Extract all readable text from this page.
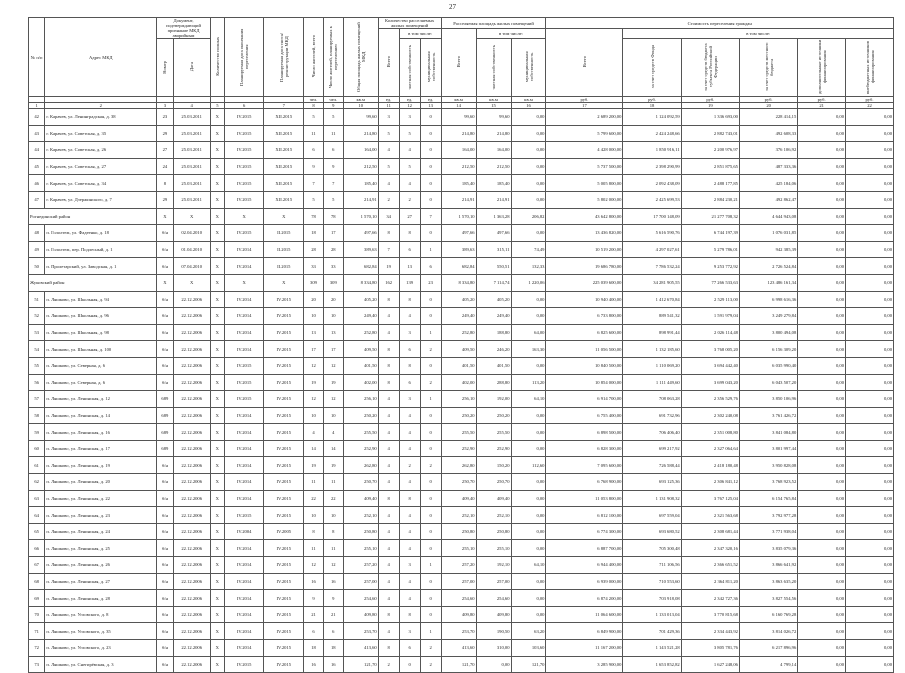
27
№ п/п	Адрес МКД	Документ, подтверждающий признание МКД аварийным		Количество полных	Планируемая дата окончания переселения	Планируемая дата сноса/ реконструкции МКД	Число жителей, всего	Число жителей, планируемых к переселению	Общая площадь жилых помещений МКД	Количество расселяемых жилых помещений			Расселяемая площадь жилых помещений			Стоимость переселения граждан					
										Всего	в том числе:		Всего	в том числе:		Всего	в том числе:				
		Номер	Дата								частная собственность	муниципальная собственность		частная собственность	муниципальная собственность		за счет средств Фонда	за счет средств бюджета субъекта Российской Федерации	за счет средств местного бюджета	дополнительные источники финансирования	внебюджетных источников финансирования
							чел.	чел.	кв.м	ед.	ед.	ед.	кв.м	кв.м	кв.м	руб.	руб.	руб.	руб.	руб.	руб.
1	2	3	4	5	6	7	8	9	10	11	12	13	14	15	16	17	18	19	20	21	22
42	г. Карачев, ул. Ленинградская, д. 38	23	25.03.2011	X	IV.2015	XII.2015	5	5	99,60	3	3	0	99,60	99,60	0,00	2 689 200,00	1 124 092,59	1 336 693,00	228 414,15	0,00	0,00
43	г. Карачев, ул. Советская, д. 35	29	25.03.2011	X	IV.2015	XII.2015	11	11	214,80	5	5	0	214,80	214,80	0,00	5 799 600,00	2 424 248,66	2 882 743,01	492 608,33	0,00	0,00
44	г. Карачев, ул. Советская, д. 26	27	25.03.2011	X	IV.2015	XII.2015	6	6	164,00	4	4	0	164,00	164,00	0,00	4 428 000,00	1 850 916,11	2 200 976,97	376 106,92	0,00	0,00
45	г. Карачев, ул. Советская, д. 27	24	25.03.2011	X	IV.2015	XII.2015	9	9	212,50	5	5	0	212,50	212,50	0,00	5 737 500,00	2 398 290,99	2 851 875,65	487 333,36	0,00	0,00
46	г. Карачев, ул. Советская, д. 34	8	25.03.2011	X	IV.2015	XII.2015	7	7	185,40	4	4	0	185,40	185,40	0,00	5 005 800,00	2 092 438,09	2 488 177,85	425 184,06	0,00	0,00
47	г. Карачев, ул. Дзержинского, д. 7	29	25.03.2011	X	IV.2015	XII.2015	5	5	214,91	2	2	0	214,91	214,91	0,00	5 802 000,00	2 425 699,53	2 884 230,21	492 862,47	0,00	0,00
Рогнединский район		X	X	X	X	X	78	78	1 570,10	34	27	7	1 570,10	1 363,28	206,82	43 642 800,00	17 700 148,09	21 277 708,32	4 644 943,08	0,00	0,00
48	п. Гололтеж, ул. Фадеенко, д. 18	б/н	02.04.2010	X	IV.2015	II.2015	18	17	497,66	8	8	0	497,66	497,66	0,00	13 436 820,00	5 616 590,76	6 744 197,39	1 076 031,85	0,00	0,00
49	п. Гололтеж, пер. Подлесный, д. 1	б/н	01.04.2010	X	IV.2014	II.2015	28	28	389,63	7	6	1	389,63	315,11	74,49	10 519 200,00	4 297 027,61	5 279 786,01	942 385,39	0,00	0,00
50	п. Пролетарский, ул. Заводская, д. 1	б/н	07.04.2010	X	IV.2014	II.2015	33	33	682,84	19	13	6	682,84	550,51	132,33	19 686 780,00	7 786 532,24	9 253 772,92	2 726 524,84	0,00	0,00
Жуковский район		X	X	X	X	X	309	309	8 334,80	162	139	23	8 334,80	7 114,74	1 220,06	225 039 600,00	34 281 905,55	77 266 533,63	123 486 161,34	0,00	0,00
51	п. Ляшково, ул. Школьная, д. 94	б/н	22.12.2006	X	IV.2014	IV.2015	20	20	405,20	8	8	0	405,20	405,20	0,00	10 940 400,00	1 412 670,84	2 529 113,00	6 998 616,36	0,00	0,00
52	п. Ляшково, ул. Школьная, д. 96	б/н	22.12.2006	X	IV.2014	IV.2015	10	10	249,40	4	4	0	249,40	249,40	0,00	6 733 800,00	889 541,32	1 591 979,04	3 249 279,84	0,00	0,00
53	п. Ляшково, ул. Школьная, д. 98	б/н	22.12.2006	X	IV.2014	IV.2015	13	13	252,80	4	3	1	252,80	188,80	64,00	6 825 600,00	898 991,44	2 026 114,48	3 800 494,08	0,00	0,00
54	п. Ляшково, ул. Школьная, д. 100	б/н	22.12.2006	X	IV.2014	IV.2015	17	17	409,50	8	6	2	409,50	246,20	163,30	11 056 500,00	1 132 185,60	3 768 005,20	6 156 309,20	0,00	0,00
55	п. Ляшково, ул. Северная, д. 6	б/н	22.12.2006	X	IV.2015	IV.2015	12	12	401,50	8	8	0	401,50	401,50	0,00	10 840 500,00	1 110 069,20	3 694 442,40	6 035 990,40	0,00	0,00
56	п. Ляшково, ул. Северная, д. 6	б/н	22.12.2006	X	IV.2015	IV.2015	19	19	402,00	8	6	2	402,00	288,80	113,20	10 854 000,00	1 111 449,60	3 699 043,20	6 043 507,20	0,00	0,00
57	п. Ляшково, ул. Ленинская, д. 12	689	22.12.2006	X	IV.2015	IV.2015	12	12	256,10	4	3	1	256,10	192,00	64,10	6 914 700,00	708 063,28	2 356 529,76	3 850 106,96	0,00	0,00
58	п. Ляшково, ул. Ленинская, д. 14	689	22.12.2006	X	IV.2014	IV.2015	10	10	250,20	4	4	0	250,20	250,20	0,00	6 755 400,00	691 732,96	2 302 240,08	3 761 426,72	0,00	0,00
59	п. Ляшково, ул. Ленинская, д. 16	689	22.12.2006	X	IV.2014	IV.2015	4	4	255,50	4	4	0	255,50	255,50	0,00	6 898 500,00	706 406,40	2 351 008,80	3 841 084,80	0,00	0,00
60	п. Ляшково, ул. Ленинская, д. 17	689	22.12.2006	X	IV.2014	IV.2015	14	14	252,90	4	4	0	252,90	252,90	0,00	6 828 300,00	699 217,92	2 327 064,64	3 801 997,44	0,00	0,00
61	п. Ляшково, ул. Ленинская, д. 19	б/н	22.12.2006	X	IV.2014	IV.2015	19	19	262,80	4	2	2	262,80	150,20	112,60	7 095 600,00	726 588,44	2 418 180,48	3 950 828,08	0,00	0,00
62	п. Ляшково, ул. Ленинская, д. 20	б/н	22.12.2006	X	IV.2014	IV.2015	11	11	250,70	4	4	0	250,70	250,70	0,00	6 768 900,00	693 125,36	2 306 841,12	3 768 923,52	0,00	0,00
63	п. Ляшково, ул. Ленинская, д. 22	б/н	22.12.2006	X	IV.2014	IV.2015	22	22	409,40	8	8	0	409,40	409,40	0,00	11 053 800,00	1 131 908,32	3 767 125,04	6 154 765,84	0,00	0,00
64	п. Ляшково, ул. Ленинская, д. 23	б/н	22.12.2006	X	IV.2015	IV.2015	10	10	252,10	4	4	0	252,10	252,10	0,00	6 812 100,00	697 559,04	2 321 563,68	3 792 977,28	0,00	0,00
65	п. Ляшково, ул. Ленинская, д. 24	б/н	22.12.2006	X	IV.2004	IV.2005	8	8	250,80	4	4	0	250,80	250,80	0,00	6 774 300,00	693 680,52	2 308 681,44	3 771 938,04	0,00	0,00
66	п. Ляшково, ул. Ленинская, д. 25	б/н	22.12.2006	X	IV.2014	IV.2015	11	11	255,10	4	4	0	255,10	255,10	0,00	6 887 700,00	705 300,48	2 347 320,16	3 835 079,36	0,00	0,00
67	п. Ляшково, ул. Ленинская, д. 26	б/н	22.12.2006	X	IV.2014	IV.2015	12	12	257,20	4	3	1	257,20	192,10	64,10	6 944 400,00	711 106,56	2 366 651,52	3 866 641,92	0,00	0,00
68	п. Ляшково, ул. Ленинская, д. 27	б/н	22.12.2006	X	IV.2014	IV.2015	16	16	257,00	4	4	0	257,00	257,00	0,00	6 939 000,00	710 553,60	2 364 811,20	3 863 635,20	0,00	0,00
69	п. Ляшково, ул. Ленинская, д. 28	б/н	22.12.2006	X	IV.2014	IV.2015	9	9	254,60	4	4	0	254,60	254,60	0,00	6 874 200,00	703 918,08	2 342 727,36	3 827 554,56	0,00	0,00
70	п. Ляшково, ул. Угловского, д. 8	б/н	22.12.2006	X	IV.2014	IV.2015	21	21	409,80	8	8	0	409,80	409,80	0,00	11 064 600,00	1 133 013,04	3 770 815,68	6 160 769,28	0,00	0,00
71	п. Ляшково, ул. Угловского, д. 35	б/н	22.12.2006	X	IV.2014	IV.2015	6	6	253,70	4	3	1	253,70	190,50	63,20	6 849 900,00	701 429,36	2 334 443,92	3 814 026,72	0,00	0,00
72	п. Ляшково, ул. Угловского, д. 23	б/н	22.12.2006	X	IV.2014	IV.2015	18	18	413,60	8	6	2	413,60	310,00	103,60	11 167 200,00	1 143 521,28	3 805 781,76	6 217 896,96	0,00	0,00
73	п. Ляшково, ул. Снегирёвская, д. 3	б/н	22.12.2006	X	IV.2015	IV.2015	16	16	121,70	2	0	2	121,70	0,00	121,70	3 285 900,00	1 653 852,82	1 627 248,06	4 799,14	0,00	0,00
